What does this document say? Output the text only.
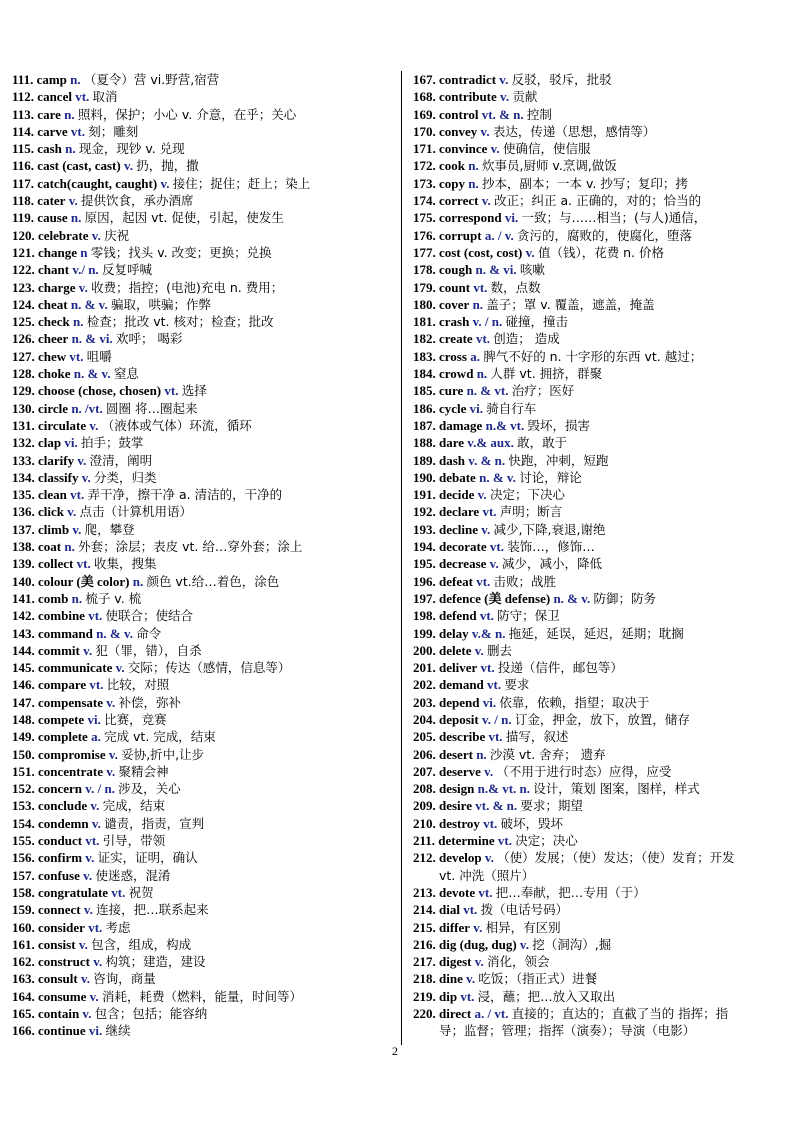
111. camp n. （夏令）营 vi.野营,宿营
112. cancel vt. 取消
113. care n. 照料，保护；小心 v. 介意，在乎；关心
114. carve vt. 刻；雕刻
115. cash n. 现金，现钞 v. 兑现
116. cast (cast, cast) v. 扔，抛，撒
117. catch(caught, caught) v. 接住；捉住；赶上；染上
118. cater v. 提供饮食，承办酒席
119. cause n. 原因，起因 vt. 促使，引起，使发生
120. celebrate v. 庆祝
121. change n 零钱；找头 v. 改变；更换；兑换
122. chant v./ n. 反复呼喊
123. charge v. 收费；指控；(电池)充电 n. 费用；
124. cheat n. & v. 骗取，哄骗；作弊
125. check n. 检查；批改 vt. 核对；检查；批改
126. cheer n. & vi. 欢呼； 喝彩
127. chew vt. 咀嚼
128. choke n. & v. 窒息
129. choose (chose, chosen) vt. 选择
130. circle n. /vt. 圆圈 将…圈起来
131. circulate v. （液体或气体）环流，循环
132. clap vi. 拍手；鼓掌
133. clarify v. 澄清，阐明
134. classify v. 分类，归类
135. clean vt. 弄干净，擦干净 a. 清洁的，干净的
136. click v. 点击（计算机用语）
137. climb v. 爬，攀登
138. coat n. 外套；涂层；表皮 vt. 给…穿外套；涂上
139. collect vt. 收集，搜集
140. colour (美 color) n. 颜色 vt.给…着色，涂色
141. comb n. 梳子 v. 梳
142. combine vt. 使联合；使结合
143. command n. & v. 命令
144. commit v. 犯（罪，错），自杀
145. communicate v. 交际；传达（感情，信息等）
146. compare vt. 比较，对照
147. compensate v. 补偿，弥补
148. compete vi. 比赛，竞赛
149. complete a. 完成 vt. 完成，结束
150. compromise v. 妥协,折中,让步
151. concentrate v. 聚精会神
152. concern v. / n. 涉及，关心
153. conclude v. 完成，结束
154. condemn v. 谴责，指责，宣判
155. conduct vt. 引导，带领
156. confirm v. 证实，证明，确认
157. confuse v. 使迷惑，混淆
158. congratulate vt. 祝贺
159. connect v. 连接，把…联系起来
160. consider vt. 考虑
161. consist v. 包含，组成，构成
162. construct v. 构筑；建造，建设
163. consult v. 咨询，商量
164. consume v. 消耗，耗费（燃料，能量，时间等）
165. contain v. 包含；包括；能容纳
166. continue vi. 继续
167. contradict v. 反驳，驳斥，批驳
168. contribute v. 贡献
169. control vt. & n. 控制
170. convey v. 表达，传递（思想，感情等）
171. convince v. 使确信，使信服
172. cook n. 炊事员,厨师 v.烹调,做饭
173. copy n. 抄本，副本；一本 v. 抄写；复印；拷
174. correct v. 改正；纠正 a. 正确的，对的；恰当的
175. correspond vi. 一致；与……相当；(与人)通信，
176. corrupt a. / v. 贪污的，腐败的，使腐化，堕落
177. cost (cost, cost) v. 值（钱），花费 n. 价格
178. cough n. & vi. 咳嗽
179. count vt. 数，点数
180. cover n. 盖子；罩 v. 覆盖，遮盖，掩盖
181. crash v. / n. 碰撞，撞击
182. create vt. 创造； 造成
183. cross a. 脾气不好的 n. 十字形的东西 vt. 越过；
184. crowd n. 人群 vt. 拥挤，群聚
185. cure n. & vt. 治疗；医好
186. cycle vi. 骑自行车
187. damage n.& vt. 毁坏，损害
188. dare v.& aux. 敢，敢于
189. dash v. & n. 快跑，冲刺，短跑
190. debate n. & v. 讨论，辩论
191. decide v. 决定；下决心
192. declare vt. 声明；断言
193. decline v. 减少,下降,衰退,谢绝
194. decorate vt. 装饰…，修饰…
195. decrease v. 减少，减小，降低
196. defeat vt. 击败；战胜
197. defence (美 defense) n. & v. 防御；防务
198. defend vt. 防守；保卫
199. delay v.& n. 拖延，延误，延迟，延期；耽搁
200. delete v. 删去
201. deliver vt. 投递（信件，邮包等）
202. demand vt. 要求
203. depend vi. 依靠，依赖，指望；取决于
204. deposit v. / n. 订金，押金，放下，放置，储存
205. describe vt. 描写，叙述
206. desert n. 沙漠 vt. 舍弃； 遗弃
207. deserve v. （不用于进行时态）应得，应受
208. design n.& vt. n. 设计，策划 图案，图样，样式
209. desire vt. & n. 要求；期望
210. destroy vt. 破坏，毁坏
211. determine vt. 决定；决心
212. develop v. （使）发展；（使）发达；（使）发育；开发
vt. 冲洗（照片）
213. devote vt. 把…奉献，把…专用（于）
214. dial vt. 拨（电话号码）
215. differ v. 相异，有区别
216. dig (dug, dug) v. 挖（洞沟）,掘
217. digest v. 消化，领会
218. dine v. 吃饭；（指正式）进餐
219. dip vt. 浸，蘸；把…放入又取出
220. direct a. / vt. 直接的；直达的；直截了当的 指挥；指
导；监督；管理；指挥（演奏）；导演（电影）
2
